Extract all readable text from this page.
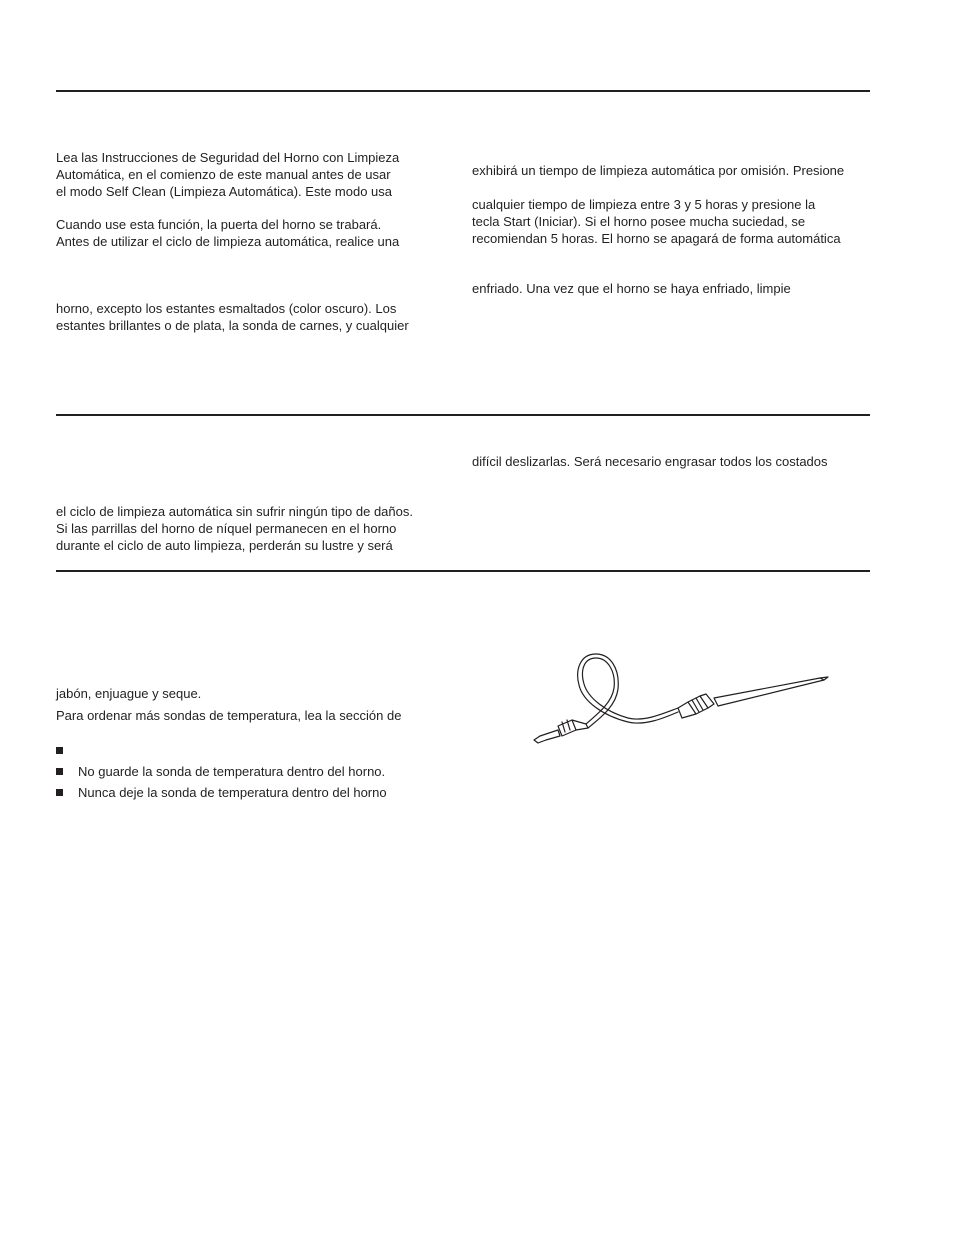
Lea las Instrucciones de Seguridad del Horno con Limpieza
Automática, en el comienzo de este manual antes de usar
el modo Self Clean (Limpieza Automática). Este modo usa
Cuando use esta función, la puerta del horno se trabará.
Antes de utilizar el ciclo de limpieza automática, realice una
horno, excepto los estantes esmaltados (color oscuro). Los
estantes brillantes o de plata, la sonda de carnes, y cualquier
exhibirá un tiempo de limpieza automática por omisión. Presione
cualquier tiempo de limpieza entre 3 y 5 horas y presione la
tecla Start (Iniciar). Si el horno posee mucha suciedad, se
recomiendan 5 horas. El horno se apagará de forma automática
enfriado. Una vez que el horno se haya enfriado, limpie
el ciclo de limpieza automática sin sufrir ningún tipo de daños.
Si las parrillas del horno de níquel permanecen en el horno
durante el ciclo de auto limpieza, perderán su lustre y será
difícil deslizarlas. Será necesario engrasar todos los costados
jabón, enjuague y seque.
Para ordenar más sondas de temperatura, lea la sección de
No guarde la sonda de temperatura dentro del horno.
Nunca deje la sonda de temperatura dentro del horno
